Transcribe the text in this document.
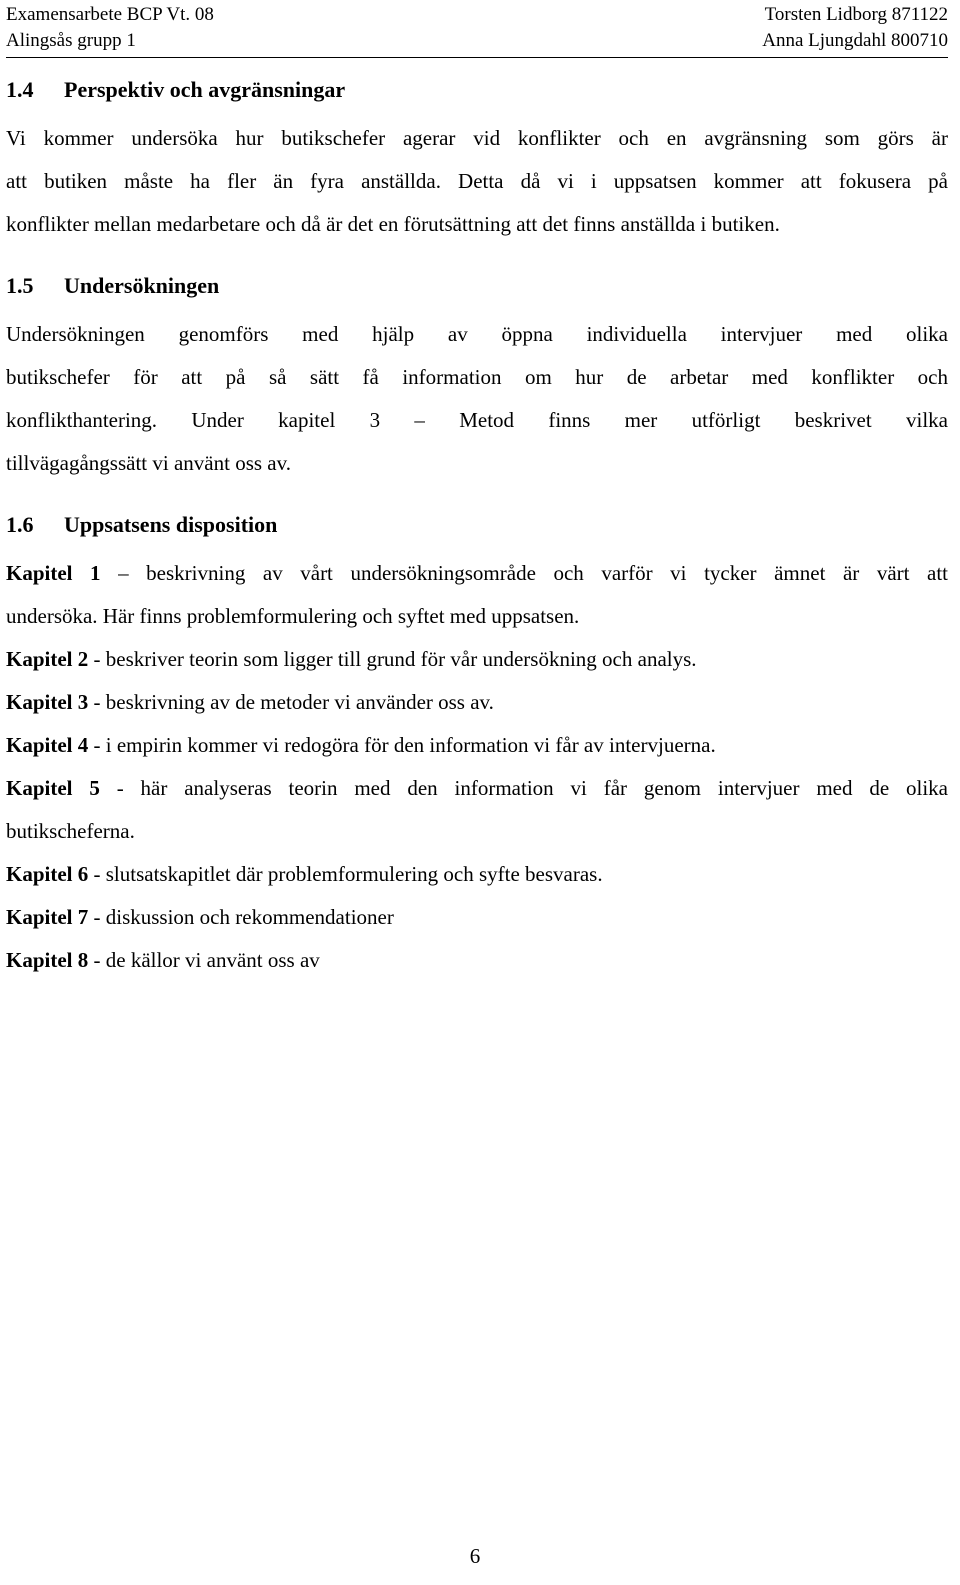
Examensarbete BCP Vt. 08	Torsten Lidborg 871122
Alingsås grupp 1	Anna Ljungdahl 800710
1.4 Perspektiv och avgränsningar

Vi kommer undersöka hur butikschefer agerar vid konflikter och en avgränsning som görs är

att butiken måste ha fler än fyra anställda. Detta då vi i uppsatsen kommer att fokusera på

konflikter mellan medarbetare och då är det en förutsättning att det finns anställda i butiken.

1.5 Undersökningen

Undersökningen genomförs med hjälp av öppna individuella intervjuer med olika

butikschefer för att på så sätt få information om hur de arbetar med konflikter och

konflikthantering. Under kapitel 3 – Metod finns mer utförligt beskrivet vilka

tillvägagångssätt vi använt oss av.

1.6 Uppsatsens disposition

Kapitel 1 – beskrivning av vårt undersökningsområde och varför vi tycker ämnet är värt att

undersöka. Här finns problemformulering och syftet med uppsatsen.

Kapitel 2 - beskriver teorin som ligger till grund för vår undersökning och analys.

Kapitel 3 - beskrivning av de metoder vi använder oss av.

Kapitel 4 - i empirin kommer vi redogöra för den information vi får av intervjuerna.

Kapitel 5 - här analyseras teorin med den information vi får genom intervjuer med de olika

butikscheferna.

Kapitel 6 - slutsatskapitlet där problemformulering och syfte besvaras.

Kapitel 7 - diskussion och rekommendationer

Kapitel 8 - de källor vi använt oss av

6
